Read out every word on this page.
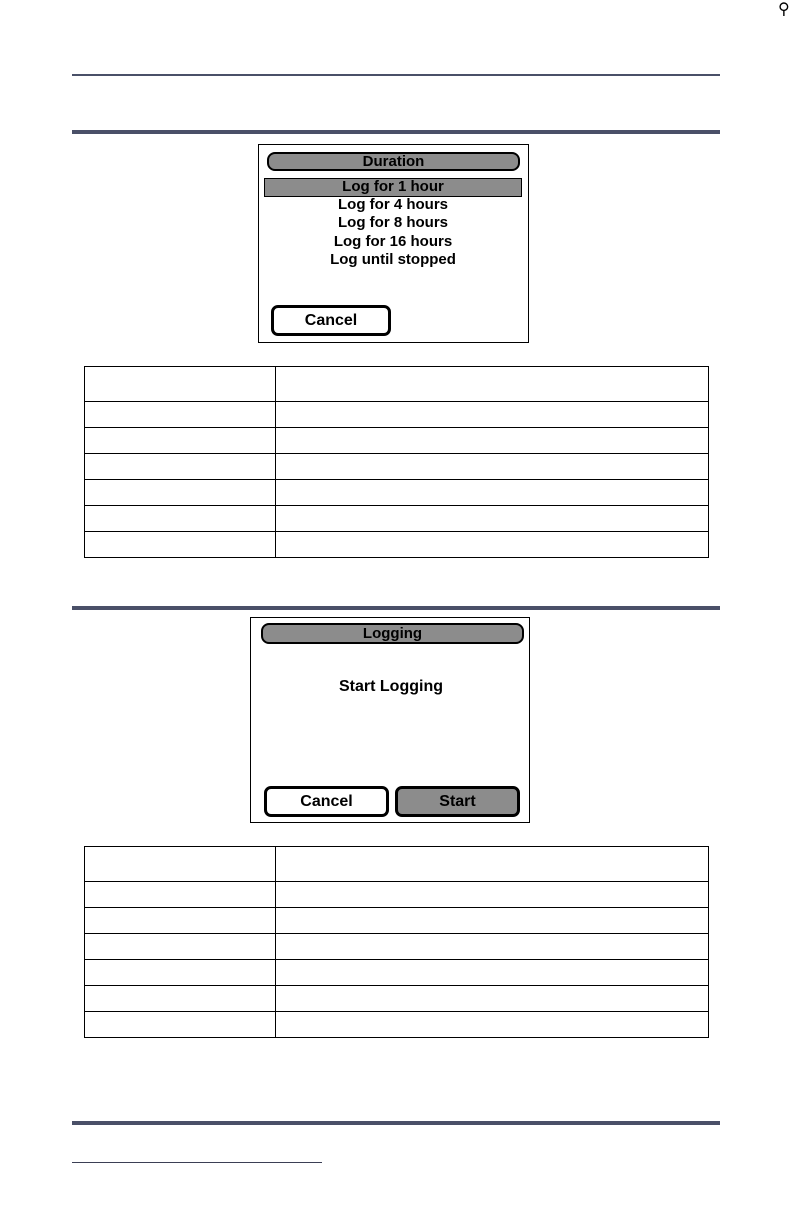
⚲
Duration
Log for 1 hour
Log for 4 hours
Log for 8 hours
Log for 16 hours
Log until stopped
Cancel

Logging
Start Logging
Cancel	Start
